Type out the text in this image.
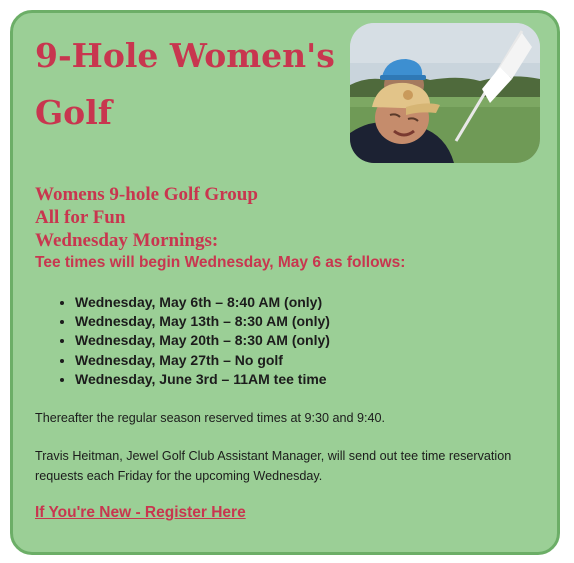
9-Hole Women's Golf
Womens 9-hole Golf Group
All for Fun
Wednesday Mornings:

Tee times will begin Wednesday, May 6 as follows:

• Wednesday, May 6th – 8:40 AM (only)
• Wednesday, May 13th – 8:30 AM (only)
• Wednesday, May 20th – 8:30 AM (only)
• Wednesday, May 27th – No golf
• Wednesday, June 3rd – 11AM tee time

Thereafter the regular season reserved times at 9:30 and 9:40.

Travis Heitman, Jewel Golf Club Assistant Manager, will send out tee time reservation requests each Friday for the upcoming Wednesday.

If You're New - Register Here
